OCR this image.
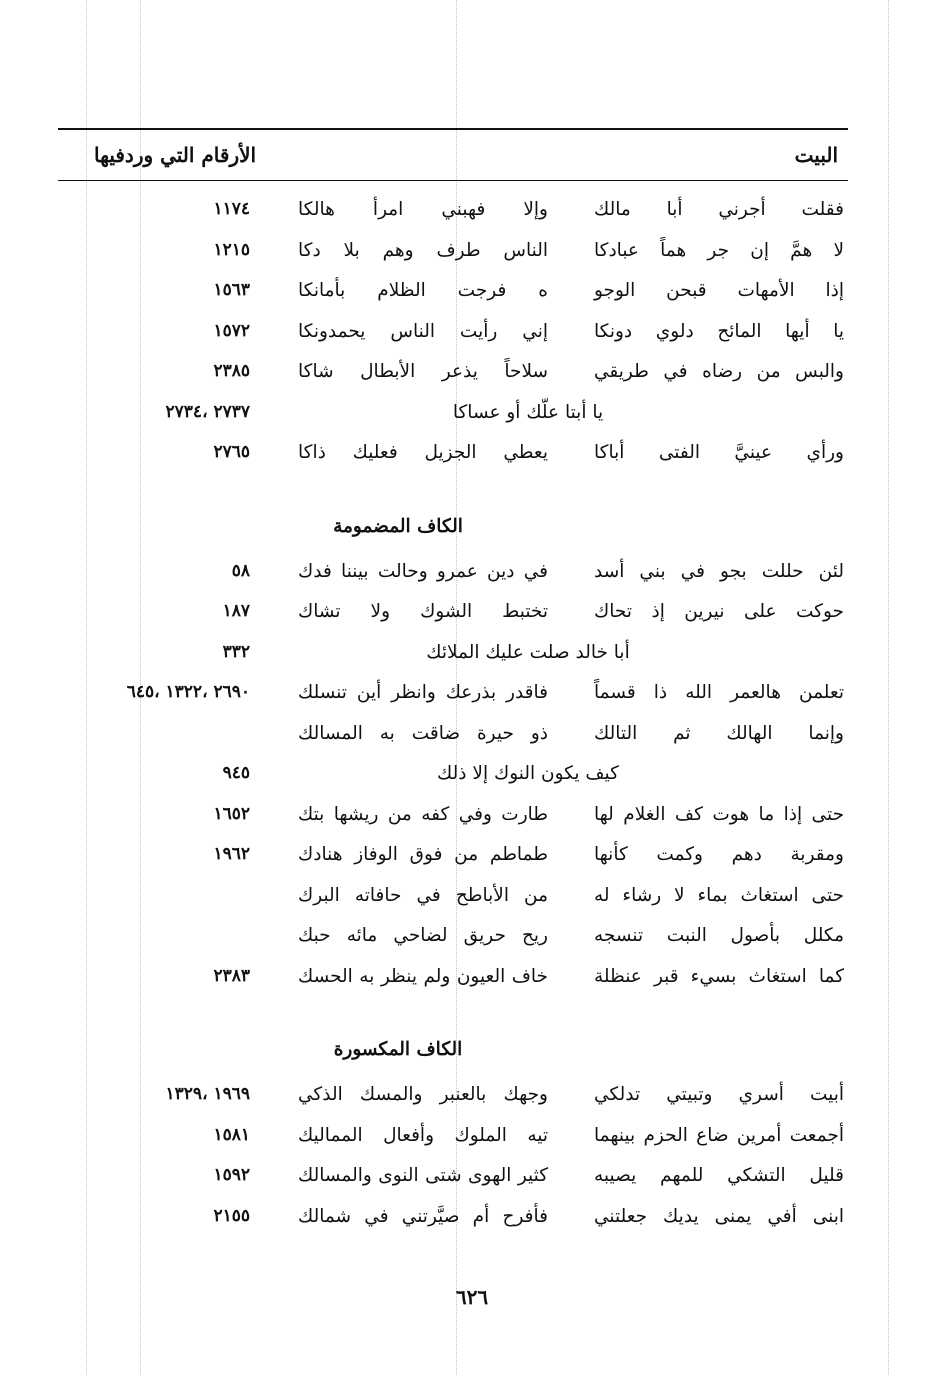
البيت
الأرقام التي وردفيها
فقلت أجرني أبا مالك
وإلا فهبني امرأ هالكا
١١٧٤
لا همَّ إن جر هماً عبادكا
الناس طرف وهم بلا دكا
١٢١٥
إذا الأمهات قبحن الوجو
ه فرجت الظلام بأمانكا
١٥٦٣
يا أيها المائح دلوي دونكا
إني رأيت الناس يحمدونكا
١٥٧٢
والبس من رضاه في طريقي
سلاحاً يذعر الأبطال شاكا
٢٣٨٥
يا أبتا علّك أو عساكا
٢٧٣٧ ،٢٧٣٤
ورأي عينيَّ الفتى أباكا
يعطي الجزيل فعليك ذاكا
٢٧٦٥
الكاف المضمومة
لئن حللت بجو في بني أسد
في دين عمرو وحالت بيننا فدك
٥٨
حوكت على نيرين إذ تحاك
تختبط الشوك ولا تشاك
١٨٧
أبا خالد صلت عليك الملائك
٣٣٢
تعلمن هالعمر الله ذا قسماً
فاقدر بذرعك وانظر أين تنسلك
٢٦٩٠ ،١٣٢٢ ،٦٤٥
وإنما الهالك ثم التالك
ذو حيرة ضاقت به المسالك
كيف يكون النوك إلا ذلك
٩٤٥
حتى إذا ما هوت كف الغلام لها
طارت وفي كفه من ريشها بتك
١٦٥٢
ومقربة دهم وكمت كأنها
طماطم من فوق الوفاز هنادك
١٩٦٢
حتى استغاث بماء لا رشاء له
من الأباطح في حافاته البرك
مكلل بأصول النبت تنسجه
ريح حريق لضاحي مائه حبك
كما استغاث بسيء قبر عنظلة
خاف العيون ولم ينظر به الحسك
٢٣٨٣
الكاف المكسورة
أبيت أسري وتبيتي تدلكي
وجهك بالعنبر والمسك الذكي
١٩٦٩ ،١٣٢٩
أجمعت أمرين ضاع الحزم بينهما
تيه الملوك وأفعال المماليك
١٥٨١
قليل التشكي للمهم يصيبه
كثير الهوى شتى النوى والمسالك
١٥٩٢
ابنى أفي يمنى يديك جعلتني
فأفرح أم صيَّرتني في شمالك
٢١٥٥
٦٢٦
